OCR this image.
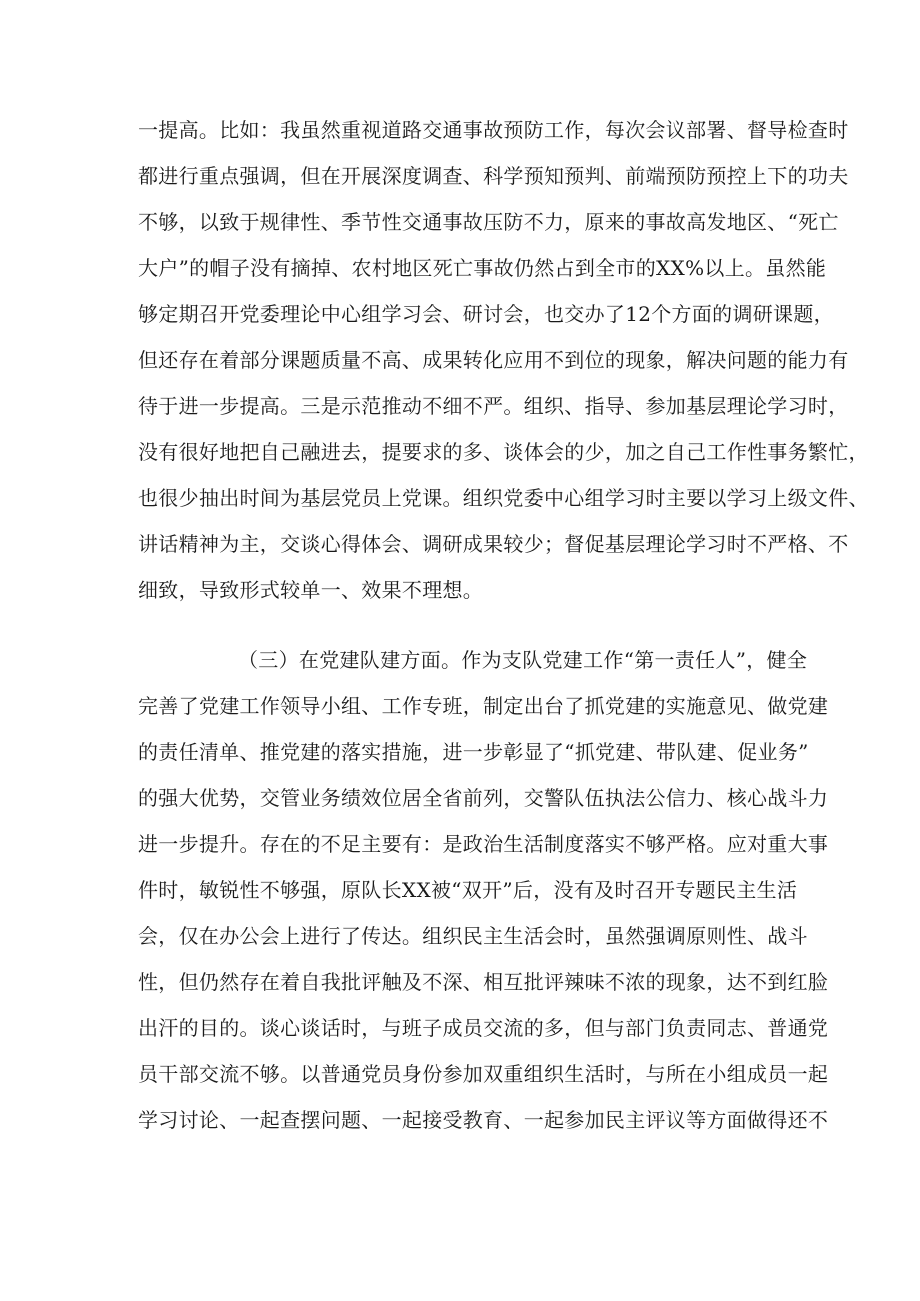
一提高。比如：我虽然重视道路交通事故预防工作，每次会议部署、督导检查时
都进行重点强调，但在开展深度调查、科学预知预判、前端预防预控上下的功夫
不够，以致于规律性、季节性交通事故压防不力，原来的事故高发地区、“死亡
大户”的帽子没有摘掉、农村地区死亡事故仍然占到全市的XX%以上。虽然能
够定期召开党委理论中心组学习会、研讨会，也交办了12个方面的调研课题，
但还存在着部分课题质量不高、成果转化应用不到位的现象，解决问题的能力有
待于进一步提高。三是示范推动不细不严。组织、指导、参加基层理论学习时，
没有很好地把自己融进去，提要求的多、谈体会的少，加之自己工作性事务繁忙，
也很少抽出时间为基层党员上党课。组织党委中心组学习时主要以学习上级文件、
讲话精神为主，交谈心得体会、调研成果较少；督促基层理论学习时不严格、不
细致，导致形式较单一、效果不理想。
（三）在党建队建方面。作为支队党建工作“第一责任人”，健全
完善了党建工作领导小组、工作专班，制定出台了抓党建的实施意见、做党建
的责任清单、推党建的落实措施，进一步彰显了“抓党建、带队建、促业务”
的强大优势，交管业务绩效位居全省前列，交警队伍执法公信力、核心战斗力
进一步提升。存在的不足主要有：是政治生活制度落实不够严格。应对重大事
件时，敏锐性不够强，原队长XX被“双开”后，没有及时召开专题民主生活
会，仅在办公会上进行了传达。组织民主生活会时，虽然强调原则性、战斗
性，但仍然存在着自我批评触及不深、相互批评辣味不浓的现象，达不到红脸
出汗的目的。谈心谈话时，与班子成员交流的多，但与部门负责同志、普通党
员干部交流不够。以普通党员身份参加双重组织生活时，与所在小组成员一起
学习讨论、一起查摆问题、一起接受教育、一起参加民主评议等方面做得还不
